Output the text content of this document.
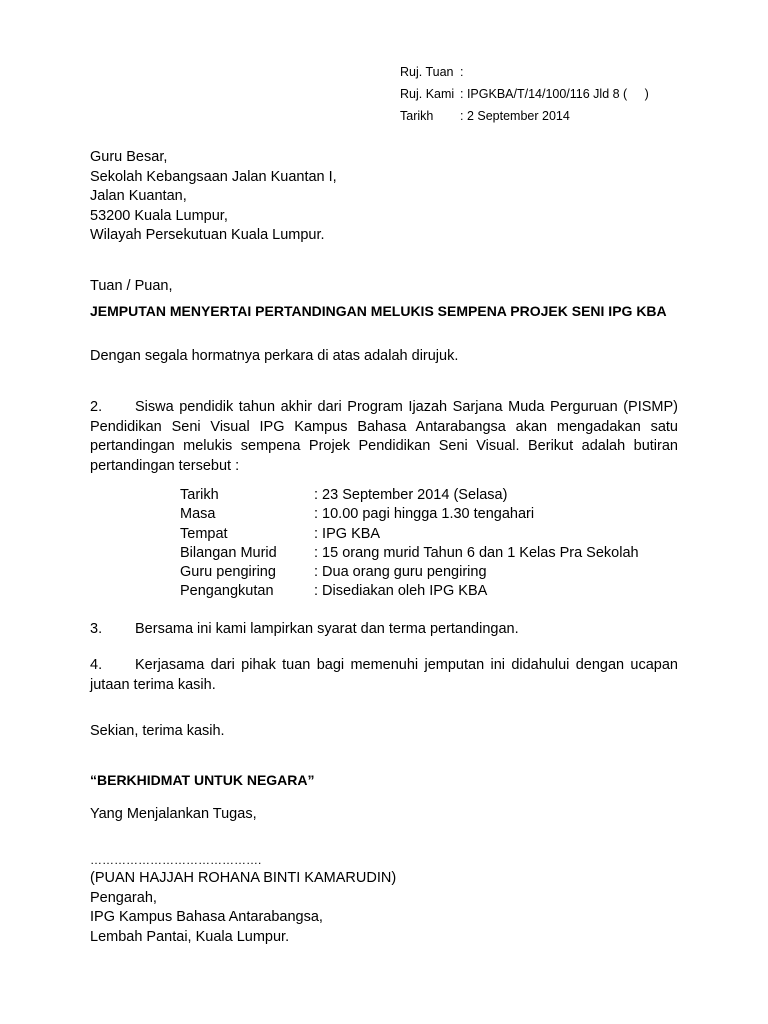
Ruj. Tuan :
Ruj. Kami : IPGKBA/T/14/100/116 Jld 8 (     )
Tarikh	: 2 September 2014
Guru Besar,
Sekolah Kebangsaan Jalan Kuantan I,
Jalan Kuantan,
53200 Kuala Lumpur,
Wilayah Persekutuan Kuala Lumpur.
Tuan / Puan,
JEMPUTAN MENYERTAI PERTANDINGAN MELUKIS SEMPENA PROJEK SENI IPG KBA
Dengan segala hormatnya perkara di atas adalah dirujuk.
2. Siswa pendidik tahun akhir dari Program Ijazah Sarjana Muda Perguruan (PISMP) Pendidikan Seni Visual IPG Kampus Bahasa Antarabangsa akan mengadakan satu pertandingan melukis sempena Projek Pendidikan Seni Visual. Berikut adalah butiran pertandingan tersebut :
Tarikh	: 23 September 2014 (Selasa)
Masa	: 10.00 pagi hingga 1.30 tengahari
Tempat	: IPG KBA
Bilangan Murid	: 15 orang murid Tahun 6 dan 1 Kelas Pra Sekolah
Guru pengiring	: Dua orang guru pengiring
Pengangkutan	: Disediakan oleh IPG KBA
3. Bersama ini kami lampirkan syarat dan terma pertandingan.
4. Kerjasama dari pihak tuan bagi memenuhi jemputan ini didahului dengan ucapan jutaan terima kasih.
Sekian, terima kasih.
“BERKHIDMAT UNTUK NEGARA”
Yang Menjalankan Tugas,
…………………………………….
(PUAN HAJJAH ROHANA BINTI KAMARUDIN)
Pengarah,
IPG Kampus Bahasa Antarabangsa,
Lembah Pantai, Kuala Lumpur.
